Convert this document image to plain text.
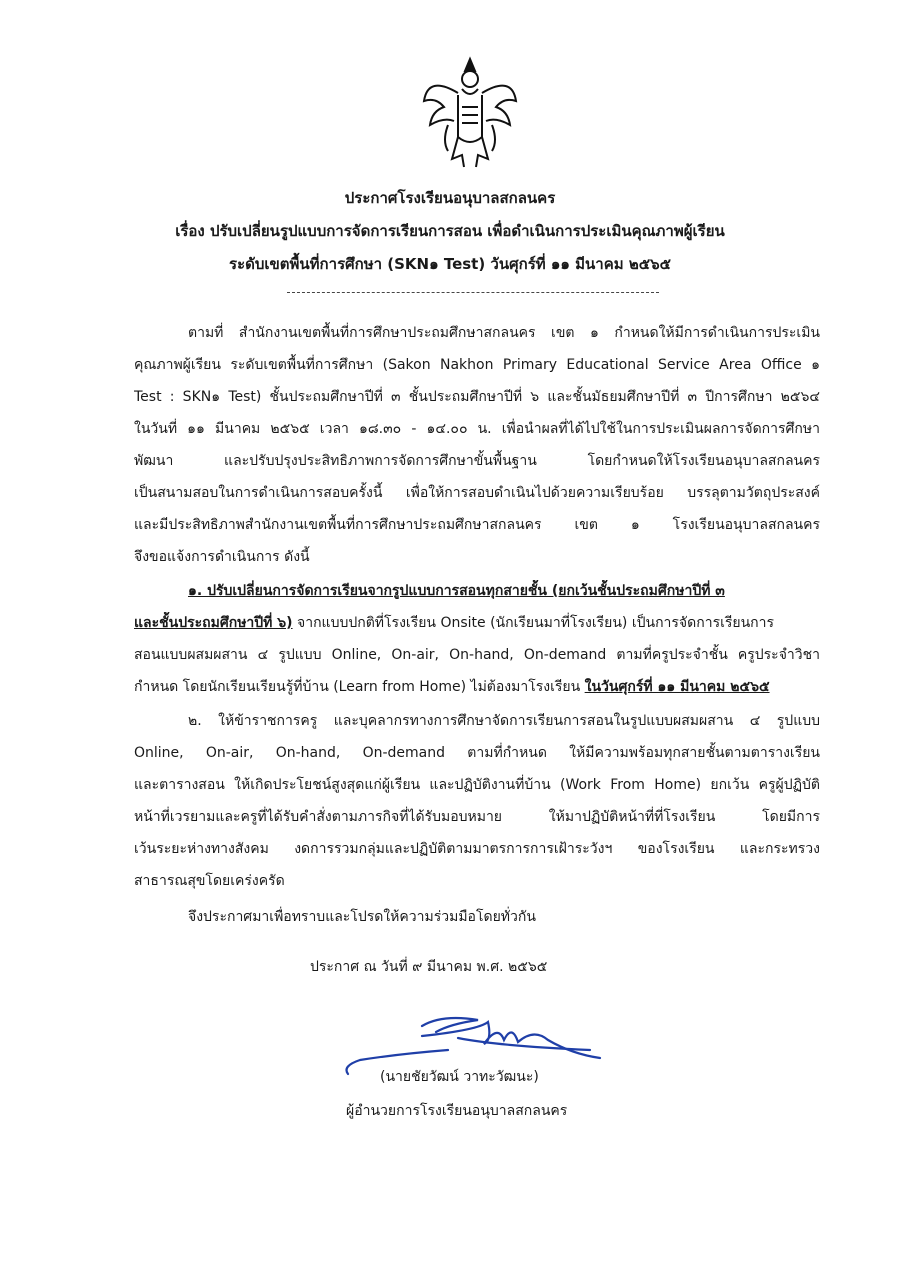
ประกาศโรงเรียนอนุบาลสกลนคร
เรื่อง ปรับเปลี่ยนรูปแบบการจัดการเรียนการสอน เพื่อดำเนินการประเมินคุณภาพผู้เรียน
ระดับเขตพื้นที่การศึกษา (SKN๑ Test) วันศุกร์ที่ ๑๑ มีนาคม ๒๕๖๕
ตามที่ สำนักงานเขตพื้นที่การศึกษาประถมศึกษาสกลนคร เขต ๑ กำหนดให้มีการดำเนินการประเมิน
คุณภาพผู้เรียน ระดับเขตพื้นที่การศึกษา (Sakon Nakhon Primary Educational Service Area Office ๑
Test : SKN๑ Test) ชั้นประถมศึกษาปีที่ ๓ ชั้นประถมศึกษาปีที่ ๖ และชั้นมัธยมศึกษาปีที่ ๓ ปีการศึกษา ๒๕๖๔
ในวันที่ ๑๑ มีนาคม ๒๕๖๕ เวลา ๑๘.๓๐ - ๑๔.๐๐ น. เพื่อนำผลที่ได้ไปใช้ในการประเมินผลการจัดการศึกษา
พัฒนา และปรับปรุงประสิทธิภาพการจัดการศึกษาขั้นพื้นฐาน โดยกำหนดให้โรงเรียนอนุบาลสกลนคร
เป็นสนามสอบในการดำเนินการสอบครั้งนี้ เพื่อให้การสอบดำเนินไปด้วยความเรียบร้อย บรรลุตามวัตถุประสงค์
และมีประสิทธิภาพสำนักงานเขตพื้นที่การศึกษาประถมศึกษาสกลนคร เขต ๑ โรงเรียนอนุบาลสกลนคร
จึงขอแจ้งการดำเนินการ ดังนี้
๑. ปรับเปลี่ยนการจัดการเรียนจากรูปแบบการสอนทุกสายชั้น (ยกเว้นชั้นประถมศึกษาปีที่ ๓
และชั้นประถมศึกษาปีที่ ๖) จากแบบปกติที่โรงเรียน Onsite (นักเรียนมาที่โรงเรียน) เป็นการจัดการเรียนการ
สอนแบบผสมผสาน ๔ รูปแบบ Online, On-air, On-hand, On-demand ตามที่ครูประจำชั้น ครูประจำวิชา
กำหนด โดยนักเรียนเรียนรู้ที่บ้าน (Learn from Home) ไม่ต้องมาโรงเรียน ในวันศุกร์ที่ ๑๑ มีนาคม ๒๕๖๕
๒. ให้ข้าราชการครู และบุคลากรทางการศึกษาจัดการเรียนการสอนในรูปแบบผสมผสาน ๔ รูปแบบ
Online, On-air, On-hand, On-demand ตามที่กำหนด ให้มีความพร้อมทุกสายชั้นตามตารางเรียน
และตารางสอน ให้เกิดประโยชน์สูงสุดแก่ผู้เรียน และปฏิบัติงานที่บ้าน (Work From Home) ยกเว้น ครูผู้ปฏิบัติ
หน้าที่เวรยามและครูที่ได้รับคำสั่งตามภารกิจที่ได้รับมอบหมาย ให้มาปฏิบัติหน้าที่ที่โรงเรียน โดยมีการ
เว้นระยะห่างทางสังคม งดการรวมกลุ่มและปฏิบัติตามมาตรการการเฝ้าระวังฯ ของโรงเรียน และกระทรวง
สาธารณสุขโดยเคร่งครัด
จึงประกาศมาเพื่อทราบและโปรดให้ความร่วมมือโดยทั่วกัน
ประกาศ ณ วันที่ ๙ มีนาคม พ.ศ. ๒๕๖๕
(นายชัยวัฒน์ วาทะวัฒนะ)
ผู้อำนวยการโรงเรียนอนุบาลสกลนคร
